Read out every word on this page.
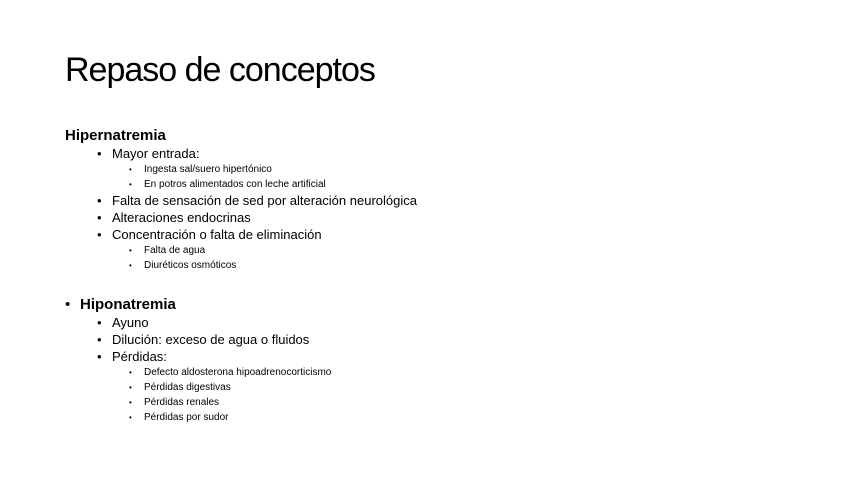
Repaso de conceptos
Hipernatremia
• Mayor entrada:
• Ingesta sal/suero hipertónico
• En potros alimentados con leche artificial
• Falta de sensación de sed por alteración neurológica
• Alteraciones endocrinas
• Concentración o falta de eliminación
• Falta de agua
• Diuréticos osmóticos
• Hiponatremia
• Ayuno
• Dilución: exceso de agua o fluidos
• Pérdidas:
• Defecto aldosterona hipoadrenocorticismo
• Pérdidas digestivas
• Pérdidas renales
• Pérdidas por sudor
